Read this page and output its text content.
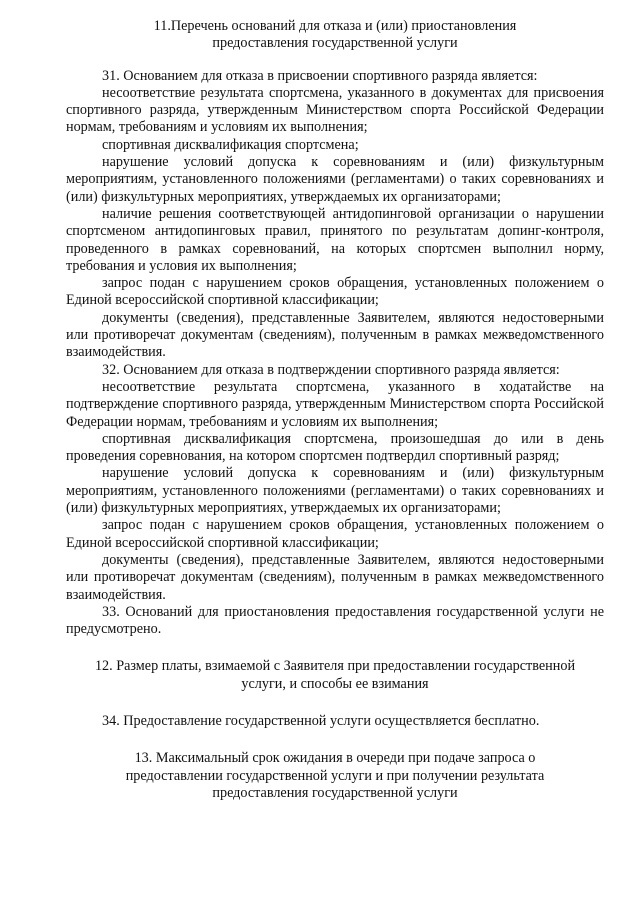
11.Перечень оснований для отказа и (или) приостановления
предоставления государственной услуги

31. Основанием для отказа в присвоении спортивного разряда является:

несоответствие результата спортсмена, указанного в документах для присвоения спортивного разряда, утвержденным Министерством спорта Российской Федерации нормам, требованиям и условиям их выполнения;

спортивная дисквалификация спортсмена;

нарушение условий допуска к соревнованиям и (или) физкультурным мероприятиям, установленного положениями (регламентами) о таких соревнованиях и (или) физкультурных мероприятиях, утверждаемых их организаторами;

наличие решения соответствующей антидопинговой организации о нарушении спортсменом антидопинговых правил, принятого по результатам допинг-контроля, проведенного в рамках соревнований, на которых спортсмен выполнил норму, требования и условия их выполнения;

запрос подан с нарушением сроков обращения, установленных положением о Единой всероссийской спортивной классификации;

документы (сведения), представленные Заявителем, являются недостоверными или противоречат документам (сведениям), полученным в рамках межведомственного взаимодействия.

32. Основанием для отказа в подтверждении спортивного разряда является:

несоответствие результата спортсмена, указанного в ходатайстве на подтверждение спортивного разряда, утвержденным Министерством спорта Российской Федерации нормам, требованиям и условиям их выполнения;

спортивная дисквалификация спортсмена, произошедшая до или в день проведения соревнования, на котором спортсмен подтвердил спортивный разряд;

нарушение условий допуска к соревнованиям и (или) физкультурным мероприятиям, установленного положениями (регламентами) о таких соревнованиях и (или) физкультурных мероприятиях, утверждаемых их организаторами;

запрос подан с нарушением сроков обращения, установленных положением о Единой всероссийской спортивной классификации;

документы (сведения), представленные Заявителем, являются недостоверными или противоречат документам (сведениям), полученным в рамках межведомственного взаимодействия.

33. Оснований для приостановления предоставления государственной услуги не предусмотрено.

12. Размер платы, взимаемой с Заявителя при предоставлении государственной
услуги, и способы ее взимания

34. Предоставление государственной услуги осуществляется бесплатно.

13. Максимальный срок ожидания в очереди при подаче запроса о
предоставлении государственной услуги и при получении результата
предоставления государственной услуги
